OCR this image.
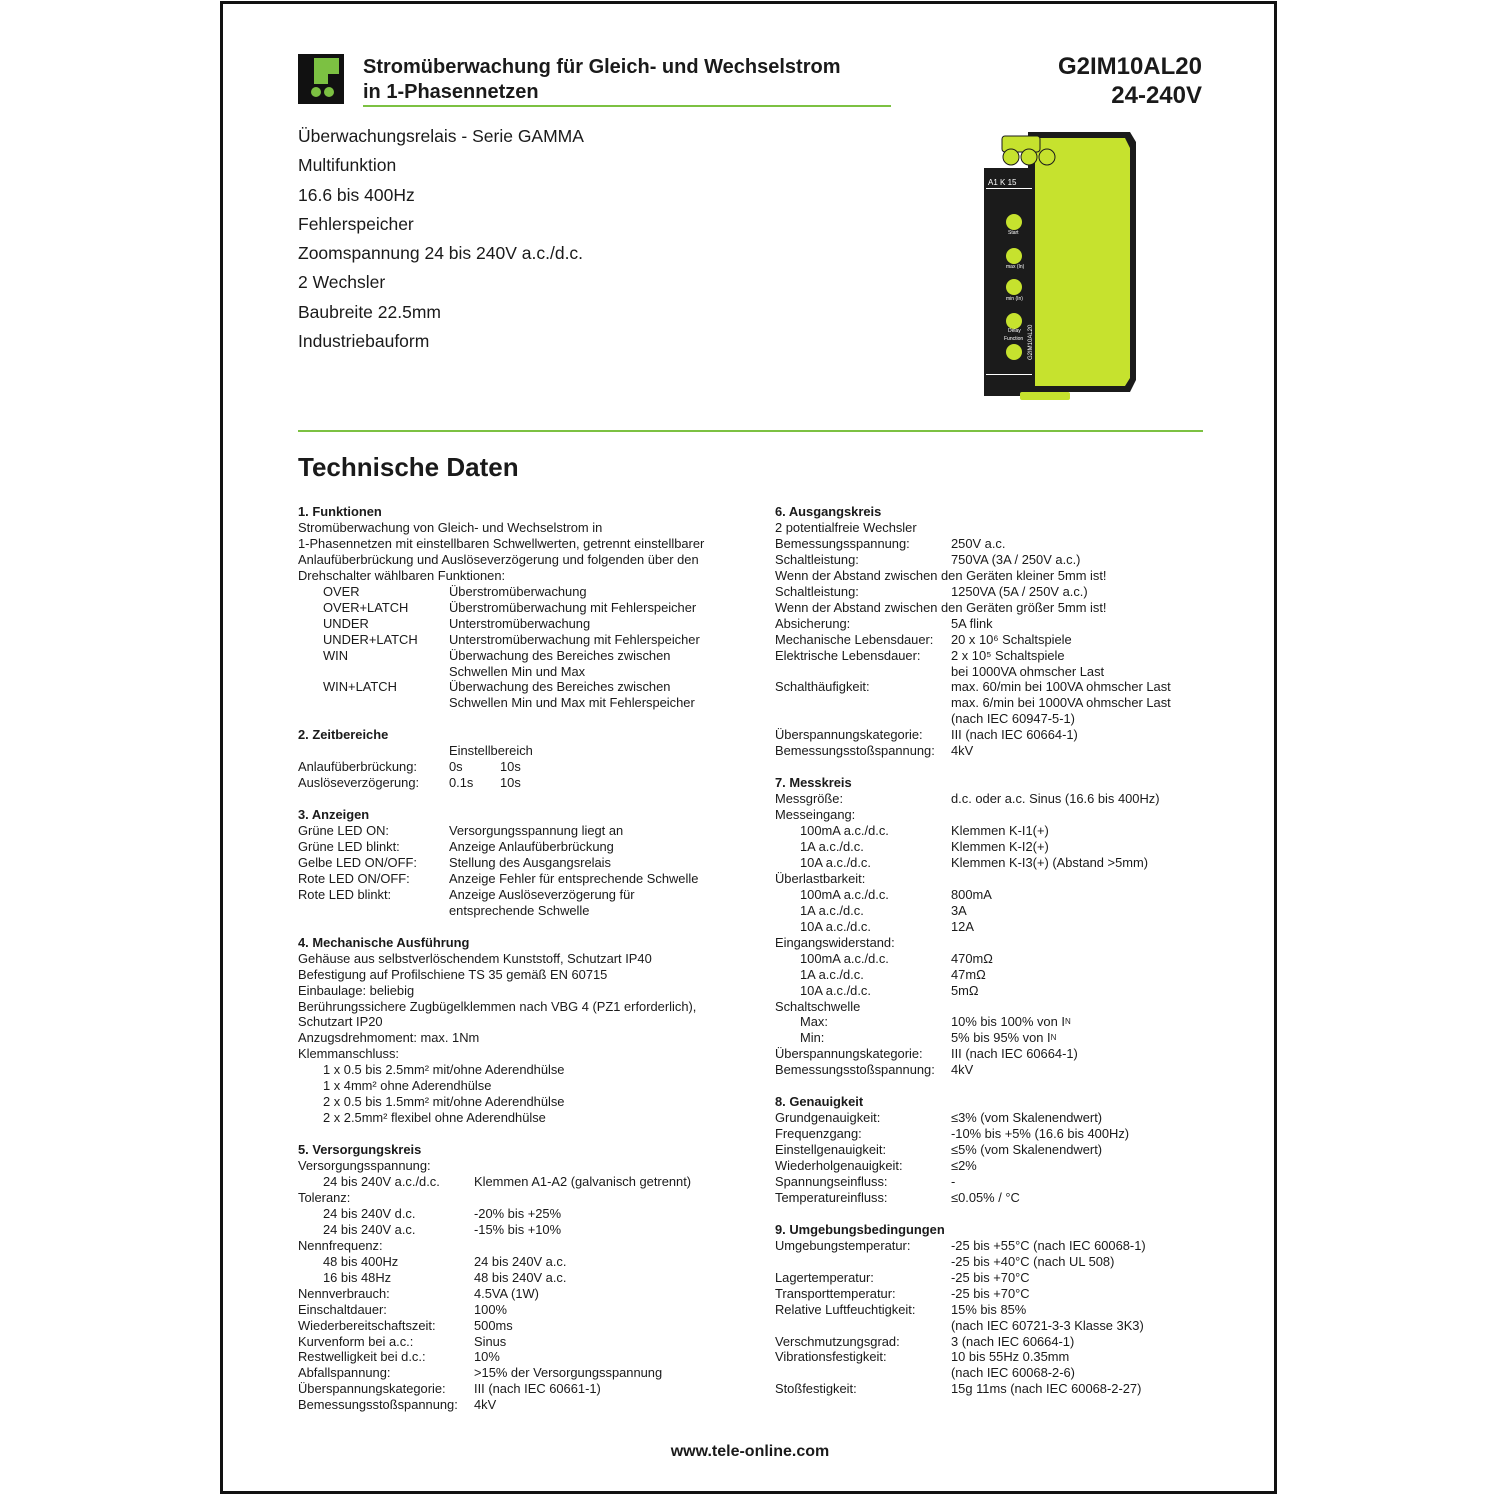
Stromüberwachung für Gleich- und Wechselstrom
in 1-Phasennetzen
G2IM10AL20
24-240V
Überwachungsrelais - Serie GAMMA
Multifunktion
16.6 bis 400Hz
Fehlerspeicher
Zoomspannung 24 bis 240V a.c./d.c.
2 Wechsler
Baubreite 22.5mm
Industriebauform
A1 K 15
Start
max (In)
min (In)
Delay
Function G2IM10AL20
Technische Daten
1. Funktionen
Stromüberwachung von Gleich- und Wechselstrom in
1-Phasennetzen mit einstellbaren Schwellwerten, getrennt einstellbarer
Anlaufüberbrückung und Auslöseverzögerung und folgenden über den
Drehschalter wählbaren Funktionen:
OVER	Überstromüberwachung
OVER+LATCH	Überstromüberwachung mit Fehlerspeicher
UNDER	Unterstromüberwachung
UNDER+LATCH	Unterstromüberwachung mit Fehlerspeicher
WIN	Überwachung des Bereiches zwischen
Schwellen Min und Max
WIN+LATCH	Überwachung des Bereiches zwischen
Schwellen Min und Max mit Fehlerspeicher
2. Zeitbereiche
Einstellbereich
Anlaufüberbrückung:	0s	10s
Auslöseverzögerung:	0.1s	10s
3. Anzeigen
Grüne LED ON:	Versorgungsspannung liegt an
Grüne LED blinkt:	Anzeige Anlaufüberbrückung
Gelbe LED ON/OFF:	Stellung des Ausgangsrelais
Rote LED ON/OFF:	Anzeige Fehler für entsprechende Schwelle
Rote LED blinkt:	Anzeige Auslöseverzögerung für
entsprechende Schwelle
4. Mechanische Ausführung
Gehäuse aus selbstverlöschendem Kunststoff, Schutzart IP40
Befestigung auf Profilschiene TS 35 gemäß EN 60715
Einbaulage: beliebig
Berührungssichere Zugbügelklemmen nach VBG 4 (PZ1 erforderlich),
Schutzart IP20
Anzugsdrehmoment: max. 1Nm
Klemmanschluss:
1 x 0.5 bis 2.5mm² mit/ohne Aderendhülse
1 x 4mm² ohne Aderendhülse
2 x 0.5 bis 1.5mm² mit/ohne Aderendhülse
2 x 2.5mm² flexibel ohne Aderendhülse
5. Versorgungskreis
Versorgungsspannung:
24 bis 240V a.c./d.c.	Klemmen A1-A2 (galvanisch getrennt)
Toleranz:
24 bis 240V d.c.	-20% bis +25%
24 bis 240V a.c.	-15% bis +10%
Nennfrequenz:
48 bis 400Hz	24 bis 240V a.c.
16 bis 48Hz	48 bis 240V a.c.
Nennverbrauch:	4.5VA (1W)
Einschaltdauer:	100%
Wiederbereitschaftszeit:	500ms
Kurvenform bei a.c.:	Sinus
Restwelligkeit bei d.c.:	10%
Abfallspannung:	>15% der Versorgungsspannung
Überspannungskategorie:	III (nach IEC 60661-1)
Bemessungsstoßspannung:	4kV
6. Ausgangskreis
2 potentialfreie Wechsler
Bemessungsspannung:	250V a.c.
Schaltleistung:	750VA (3A / 250V a.c.)
Wenn der Abstand zwischen den Geräten kleiner 5mm ist!
Schaltleistung:	1250VA (5A / 250V a.c.)
Wenn der Abstand zwischen den Geräten größer 5mm ist!
Absicherung:	5A flink
Mechanische Lebensdauer:	20 x 10⁶ Schaltspiele
Elektrische Lebensdauer:	2 x 10⁵ Schaltspiele
bei 1000VA ohmscher Last
Schalthäufigkeit:	max. 60/min bei 100VA ohmscher Last
max. 6/min bei 1000VA ohmscher Last
(nach IEC 60947-5-1)
Überspannungskategorie:	III (nach IEC 60664-1)
Bemessungsstoßspannung:	4kV
7. Messkreis
Messgröße:	d.c. oder a.c. Sinus (16.6 bis 400Hz)
Messeingang:
100mA a.c./d.c.	Klemmen K-I1(+)
1A a.c./d.c.	Klemmen K-I2(+)
10A a.c./d.c.	Klemmen K-I3(+) (Abstand >5mm)
Überlastbarkeit:
100mA a.c./d.c.	800mA
1A a.c./d.c.	3A
10A a.c./d.c.	12A
Eingangswiderstand:
100mA a.c./d.c.	470mΩ
1A a.c./d.c.	47mΩ
10A a.c./d.c.	5mΩ
Schaltschwelle
Max:	10% bis 100% von I N
Min:	5% bis 95% von I N
Überspannungskategorie:	III (nach IEC 60664-1)
Bemessungsstoßspannung:	4kV
8. Genauigkeit
Grundgenauigkeit:	≤3% (vom Skalenendwert)
Frequenzgang:	-10% bis +5% (16.6 bis 400Hz)
Einstellgenauigkeit:	≤5% (vom Skalenendwert)
Wiederholgenauigkeit:	≤2%
Spannungseinfluss:	-
Temperatureinfluss:	≤0.05% / °C
9. Umgebungsbedingungen
Umgebungstemperatur:	-25 bis +55°C (nach IEC 60068-1)
-25 bis +40°C (nach UL 508)
Lagertemperatur:	-25 bis +70°C
Transporttemperatur:	-25 bis +70°C
Relative Luftfeuchtigkeit:	15% bis 85%
(nach IEC 60721-3-3 Klasse 3K3)
Verschmutzungsgrad:	3 (nach IEC 60664-1)
Vibrationsfestigkeit:	10 bis 55Hz 0.35mm
(nach IEC 60068-2-6)
Stoßfestigkeit:	15g 11ms (nach IEC 60068-2-27)
www.tele-online.com
